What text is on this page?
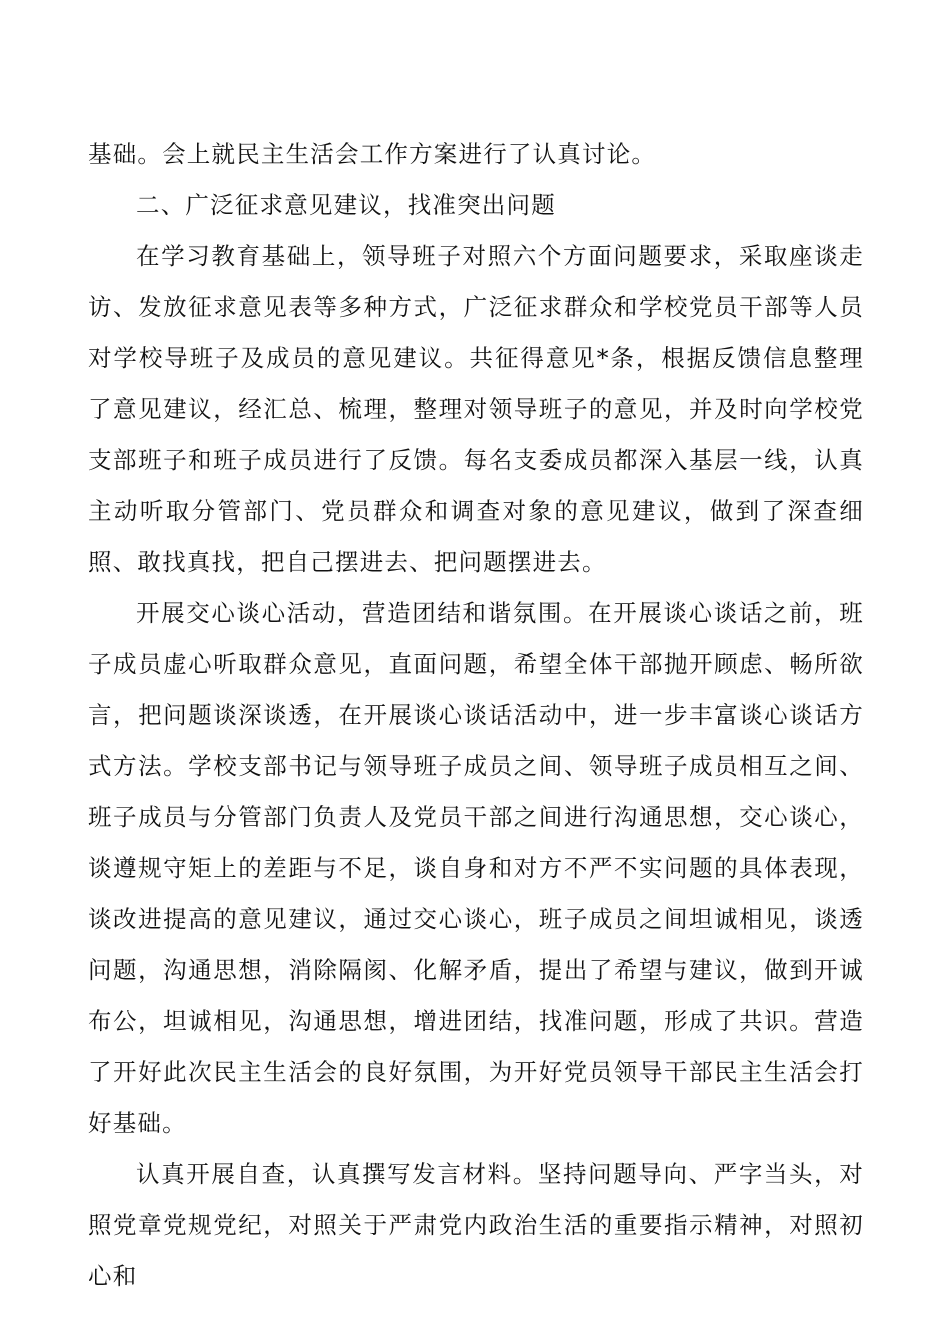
基础。会上就民主生活会工作方案进行了认真讨论。

二、广泛征求意见建议，找准突出问题

在学习教育基础上，领导班子对照六个方面问题要求，采取座谈走访、发放征求意见表等多种方式，广泛征求群众和学校党员干部等人员对学校导班子及成员的意见建议。共征得意见*条，根据反馈信息整理了意见建议，经汇总、梳理，整理对领导班子的意见，并及时向学校党支部班子和班子成员进行了反馈。每名支委成员都深入基层一线，认真主动听取分管部门、党员群众和调查对象的意见建议，做到了深查细照、敢找真找，把自己摆进去、把问题摆进去。

开展交心谈心活动，营造团结和谐氛围。在开展谈心谈话之前，班子成员虚心听取群众意见，直面问题，希望全体干部抛开顾虑、畅所欲言，把问题谈深谈透，在开展谈心谈话活动中，进一步丰富谈心谈话方式方法。学校支部书记与领导班子成员之间、领导班子成员相互之间、班子成员与分管部门负责人及党员干部之间进行沟通思想，交心谈心，谈遵规守矩上的差距与不足，谈自身和对方不严不实问题的具体表现，谈改进提高的意见建议，通过交心谈心，班子成员之间坦诚相见，谈透问题，沟通思想，消除隔阂、化解矛盾，提出了希望与建议，做到开诚布公，坦诚相见，沟通思想，增进团结，找准问题，形成了共识。营造了开好此次民主生活会的良好氛围，为开好党员领导干部民主生活会打好基础。

认真开展自查，认真撰写发言材料。坚持问题导向、严字当头，对照党章党规党纪，对照关于严肃党内政治生活的重要指示精神，对照初心和
